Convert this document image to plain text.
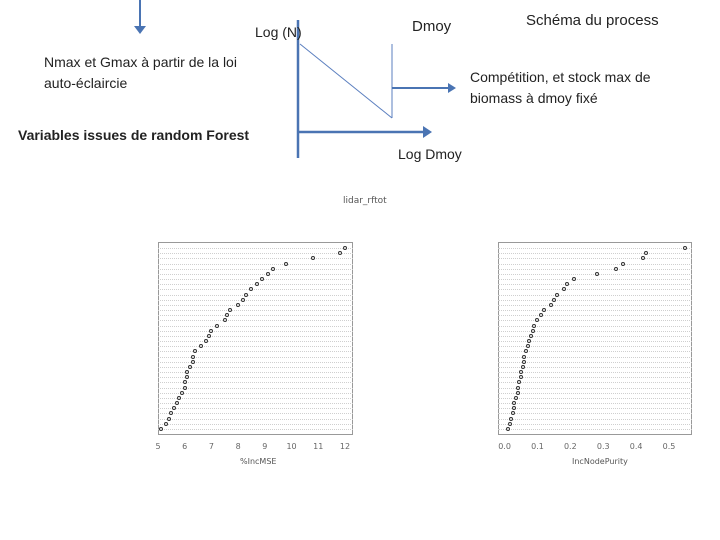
Schéma du process
Log (N)	Dmoy
Compétition, et stock max de biomass à dmoy fixé
Nmax et Gmax à partir de la loi auto-éclaircie
Variables issues de random Forest
Log Dmoy
lidar_rftot
5	6	7	8	9 10 11 12
%IncMSE
0.0	0.1	0.2	0.3	0.4	0.5
IncNodePurity
